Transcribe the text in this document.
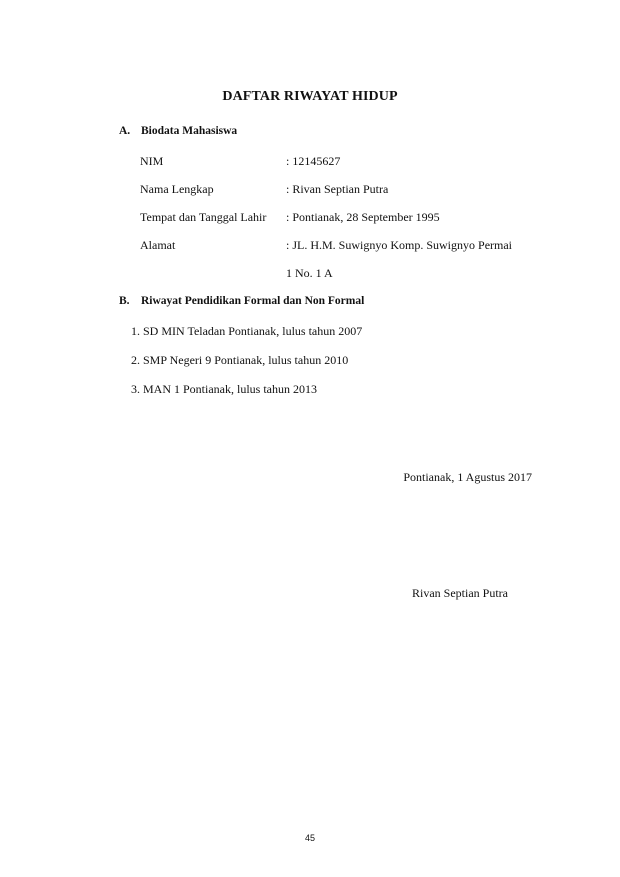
DAFTAR RIWAYAT HIDUP
A. Biodata Mahasiswa
NIM	: 12145627
Nama Lengkap	: Rivan Septian Putra
Tempat dan Tanggal Lahir : Pontianak, 28 September 1995
Alamat	: JL. H.M. Suwignyo Komp. Suwignyo Permai
1 No. 1 A
B. Riwayat Pendidikan Formal dan Non Formal
1. SD MIN Teladan Pontianak, lulus tahun 2007
2. SMP Negeri 9 Pontianak, lulus tahun 2010
3. MAN 1 Pontianak, lulus tahun 2013
Pontianak, 1 Agustus 2017
Rivan Septian Putra
45
